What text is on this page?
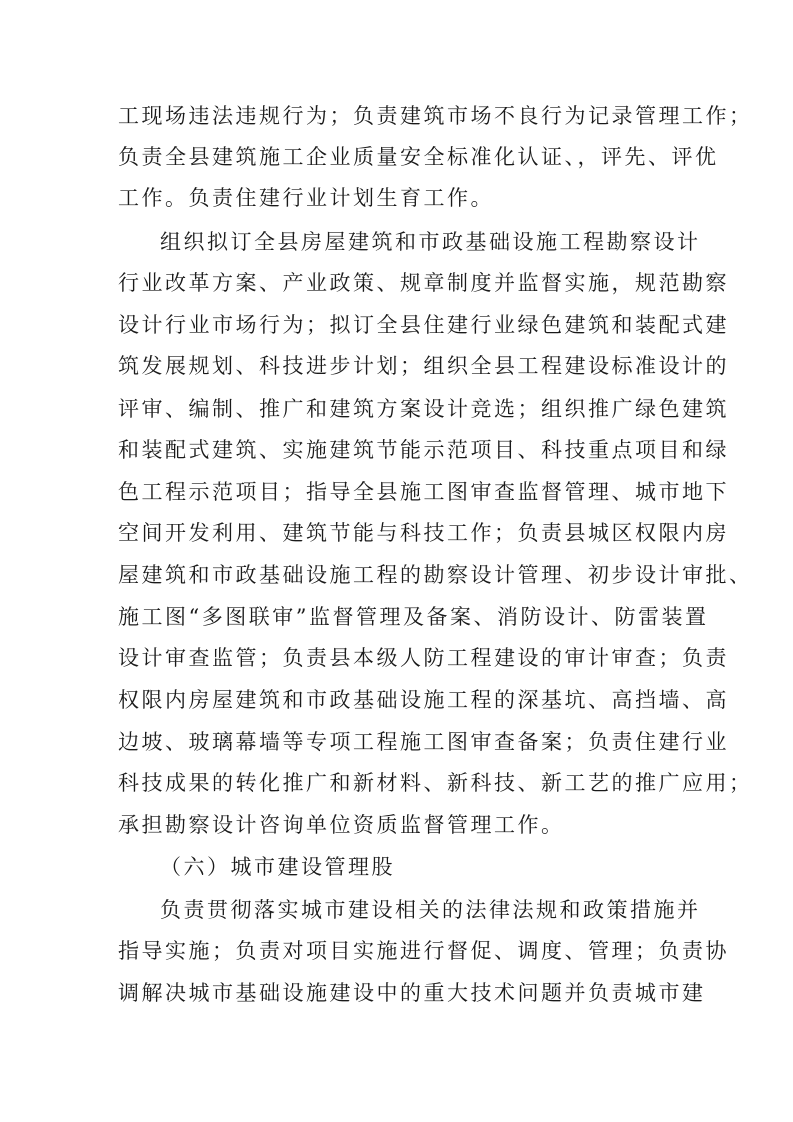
工现场违法违规行为；负责建筑市场不良行为记录管理工作；
负责全县建筑施工企业质量安全标准化认证、，评先、评优
工作。负责住建行业计划生育工作。
组织拟订全县房屋建筑和市政基础设施工程勘察设计
行业改革方案、产业政策、规章制度并监督实施，规范勘察
设计行业市场行为；拟订全县住建行业绿色建筑和装配式建
筑发展规划、科技进步计划；组织全县工程建设标准设计的
评审、编制、推广和建筑方案设计竞选；组织推广绿色建筑
和装配式建筑、实施建筑节能示范项目、科技重点项目和绿
色工程示范项目；指导全县施工图审查监督管理、城市地下
空间开发利用、建筑节能与科技工作；负责县城区权限内房
屋建筑和市政基础设施工程的勘察设计管理、初步设计审批、
施工图“多图联审”监督管理及备案、消防设计、防雷装置
设计审查监管；负责县本级人防工程建设的审计审查；负责
权限内房屋建筑和市政基础设施工程的深基坑、高挡墙、高
边坡、玻璃幕墙等专项工程施工图审查备案；负责住建行业
科技成果的转化推广和新材料、新科技、新工艺的推广应用；
承担勘察设计咨询单位资质监督管理工作。
（六）城市建设管理股
负责贯彻落实城市建设相关的法律法规和政策措施并
指导实施；负责对项目实施进行督促、调度、管理；负责协
调解决城市基础设施建设中的重大技术问题并负责城市建
